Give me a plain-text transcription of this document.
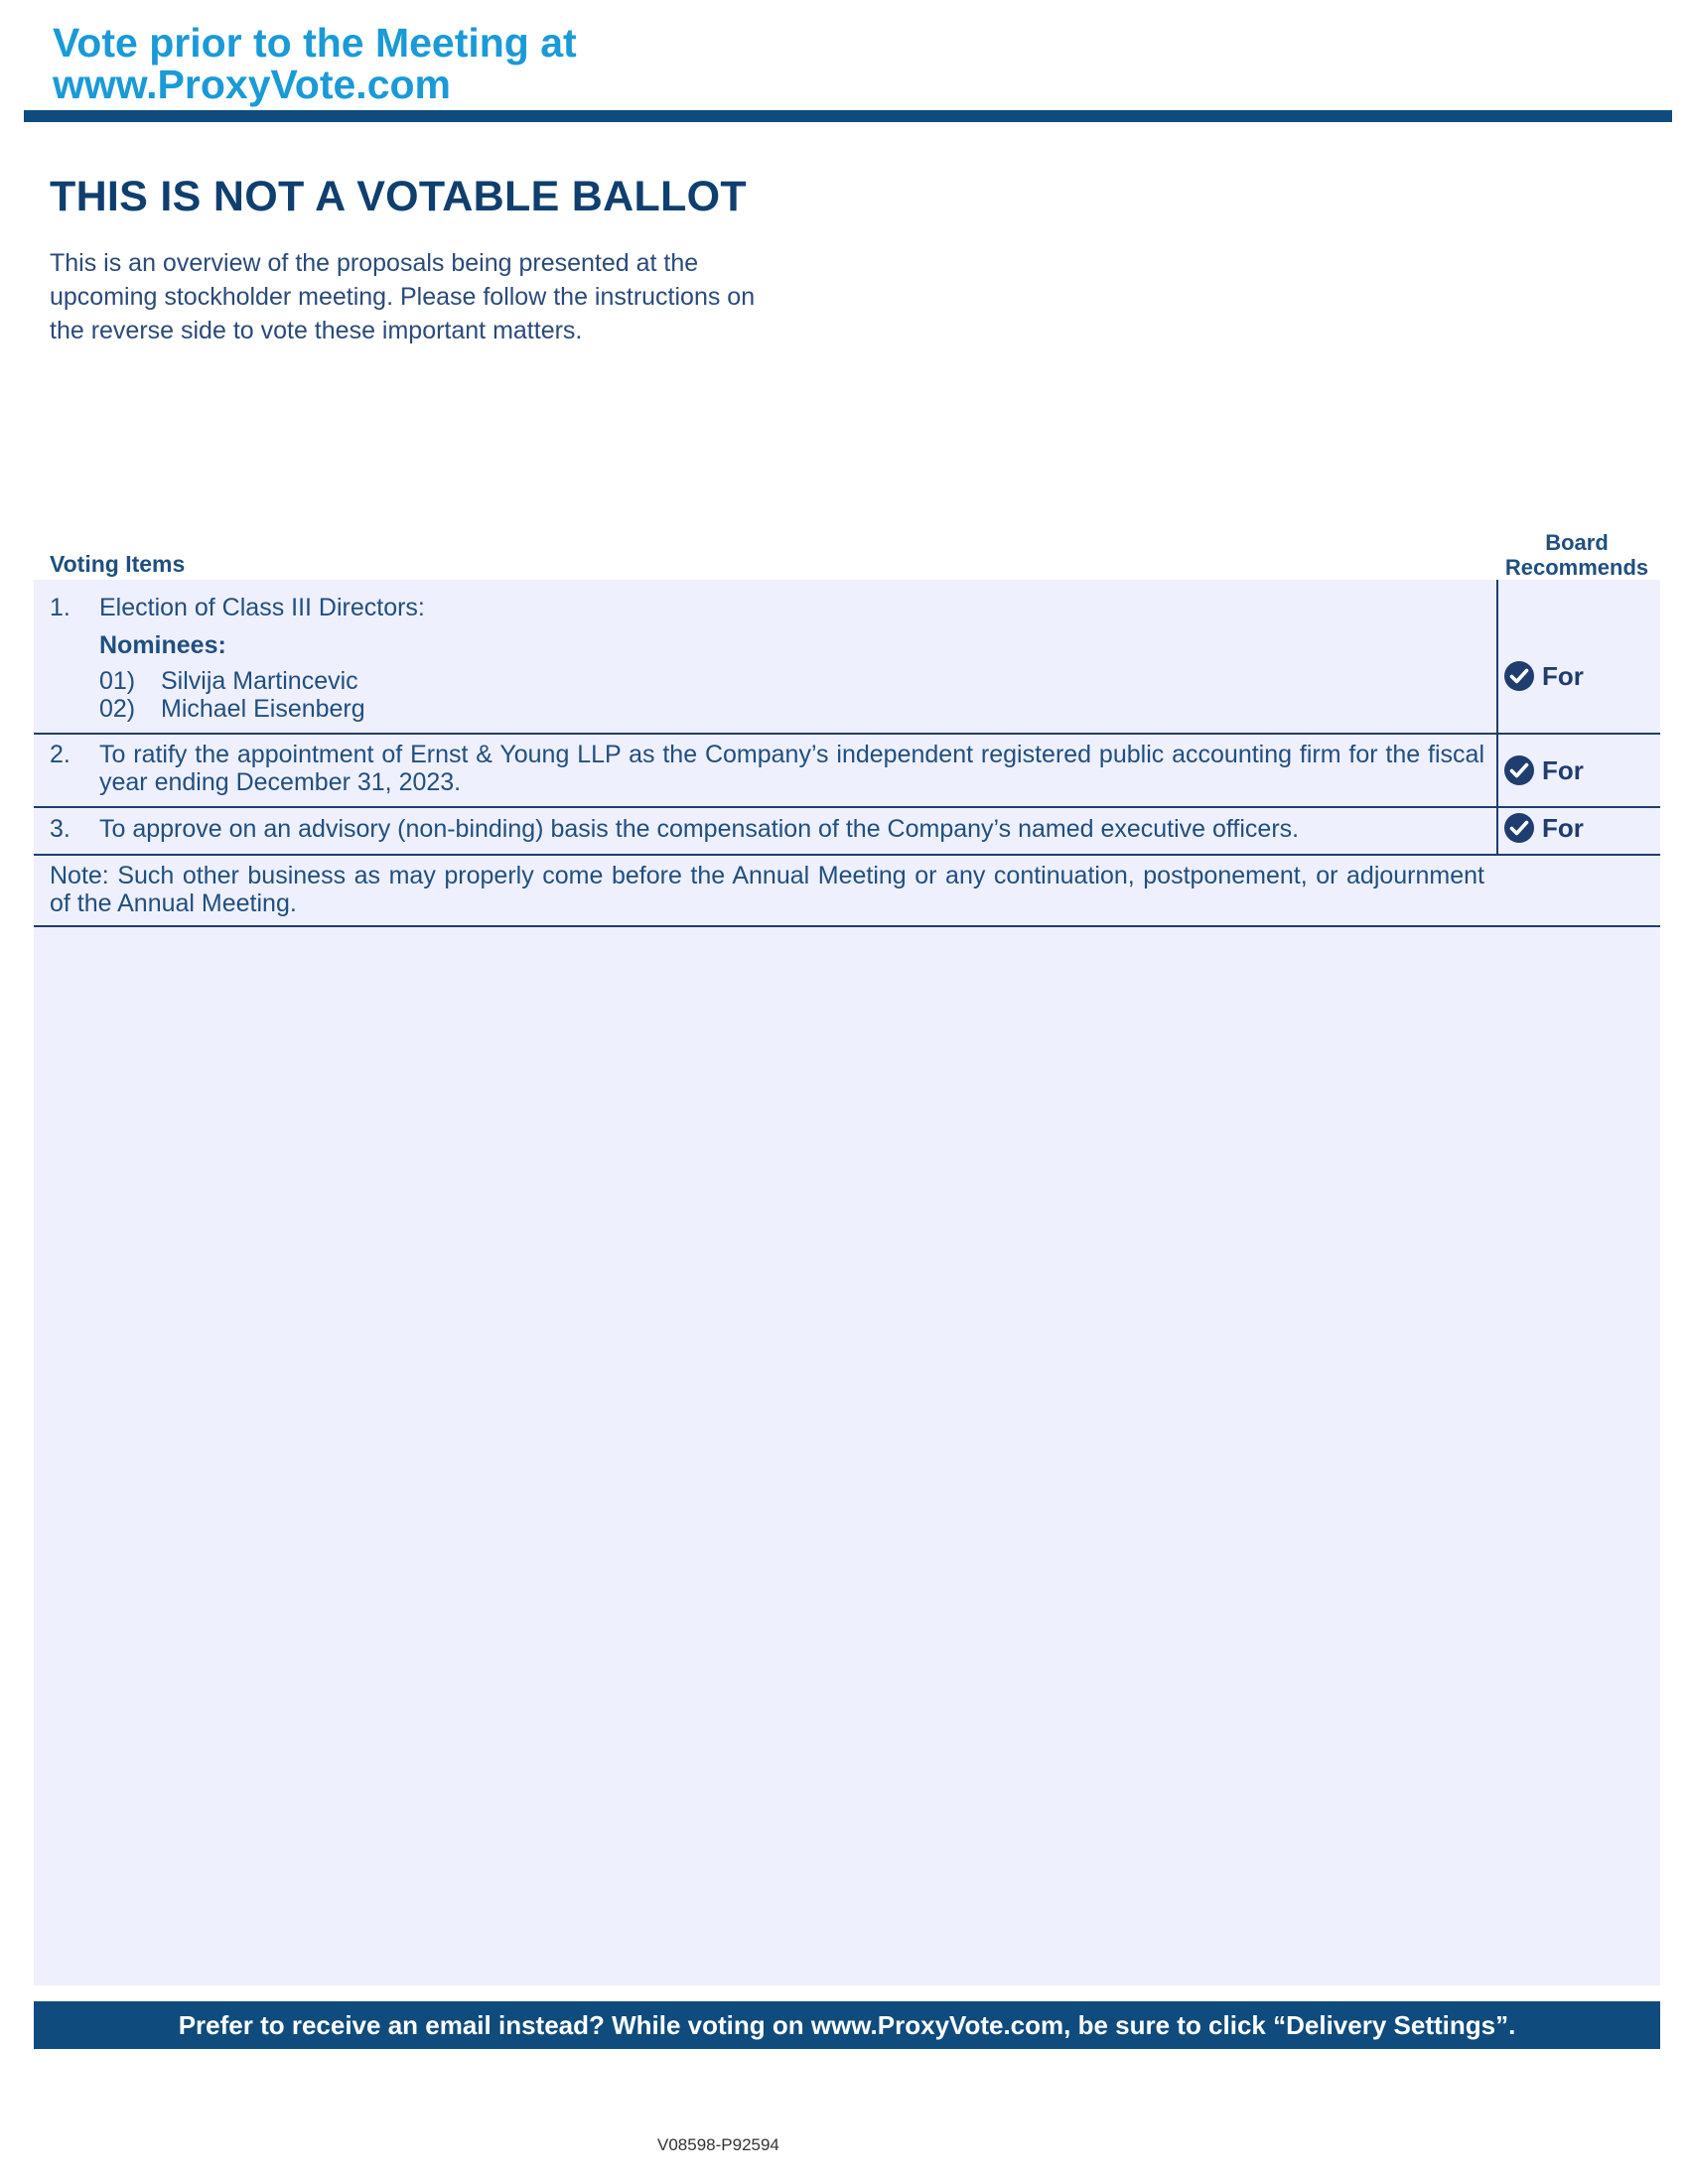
Vote prior to the Meeting at
www.ProxyVote.com
THIS IS NOT A VOTABLE BALLOT
This is an overview of the proposals being presented at the
upcoming stockholder meeting. Please follow the instructions on
the reverse side to vote these important matters.
Voting Items
Board
Recommends
1. Election of Class III Directors:
Nominees:
01) Silvija Martincevic
02) Michael Eisenberg
For
2. To ratify the appointment of Ernst & Young LLP as the Company’s independent registered public accounting firm for the fiscal year ending December 31, 2023.	For
3. To approve on an advisory (non-binding) basis the compensation of the Company’s named executive officers.	For
Note: Such other business as may properly come before the Annual Meeting or any continuation, postponement, or adjournment of the Annual Meeting.
Prefer to receive an email instead? While voting on www.ProxyVote.com, be sure to click “Delivery Settings”.
V08598-P92594
